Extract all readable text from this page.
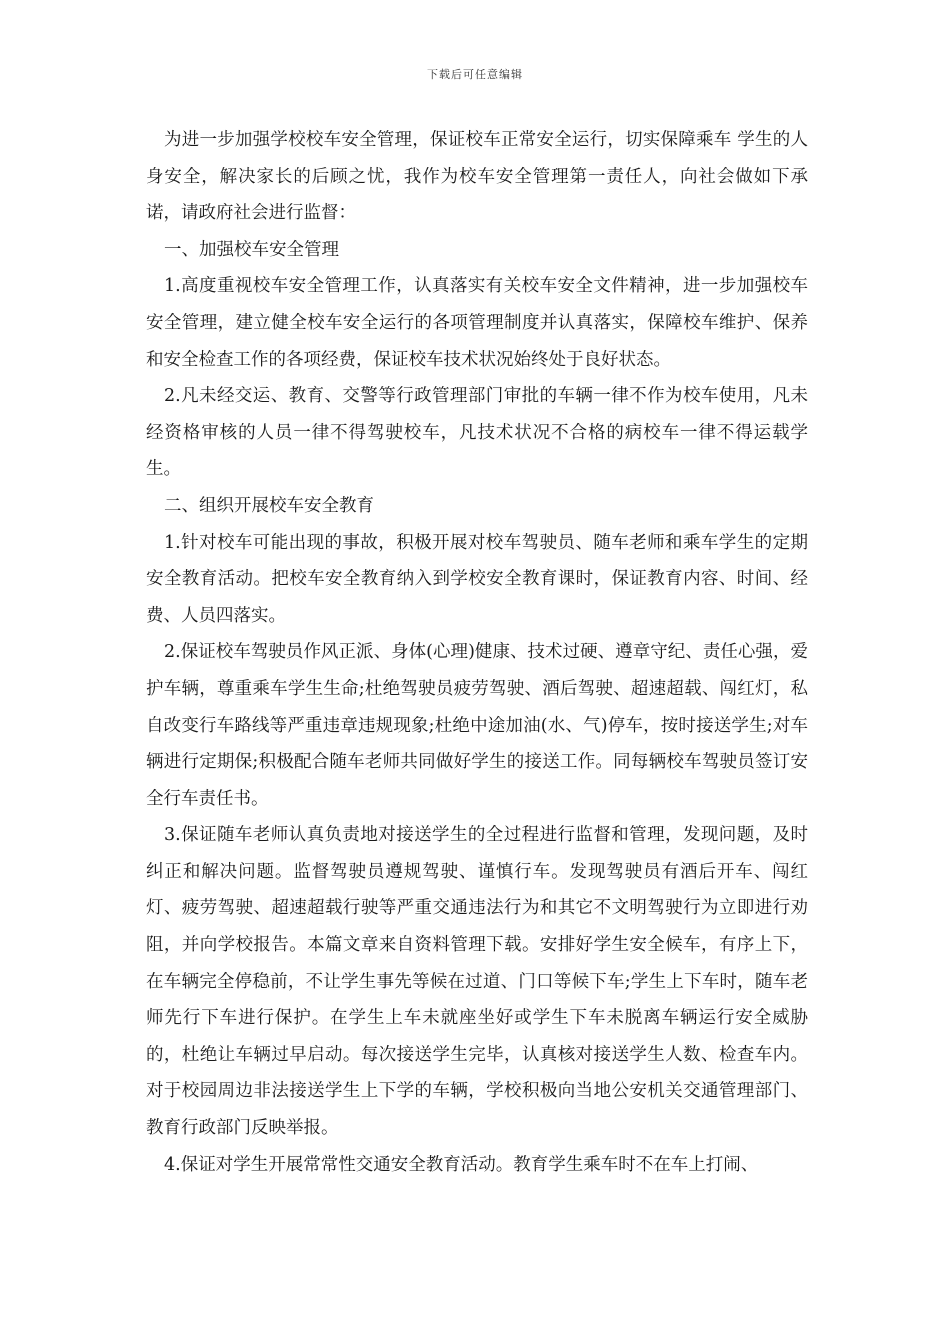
下载后可任意编辑

为进一步加强学校校车安全管理，保证校车正常安全运行，切实保障乘车 学生的人身安全，解决家长的后顾之忧，我作为校车安全管理第一责任人，向社会做如下承诺，请政府社会进行监督：

一、加强校车安全管理

1.高度重视校车安全管理工作，认真落实有关校车安全文件精神，进一步加强校车安全管理，建立健全校车安全运行的各项管理制度并认真落实，保障校车维护、保养和安全检查工作的各项经费，保证校车技术状况始终处于良好状态。

2.凡未经交运、教育、交警等行政管理部门审批的车辆一律不作为校车使用，凡未经资格审核的人员一律不得驾驶校车，凡技术状况不合格的病校车一律不得运载学生。

二、组织开展校车安全教育

1.针对校车可能出现的事故，积极开展对校车驾驶员、随车老师和乘车学生的定期安全教育活动。把校车安全教育纳入到学校安全教育课时，保证教育内容、时间、经费、人员四落实。

2.保证校车驾驶员作风正派、身体(心理)健康、技术过硬、遵章守纪、责任心强，爱护车辆，尊重乘车学生生命;杜绝驾驶员疲劳驾驶、酒后驾驶、超速超载、闯红灯，私自改变行车路线等严重违章违规现象;杜绝中途加油(水、气)停车，按时接送学生;对车辆进行定期保;积极配合随车老师共同做好学生的接送工作。同每辆校车驾驶员签订安全行车责任书。

3.保证随车老师认真负责地对接送学生的全过程进行监督和管理，发现问题，及时纠正和解决问题。监督驾驶员遵规驾驶、谨慎行车。发现驾驶员有酒后开车、闯红灯、疲劳驾驶、超速超载行驶等严重交通违法行为和其它不文明驾驶行为立即进行劝阻，并向学校报告。本篇文章来自资料管理下载。安排好学生安全候车，有序上下，在车辆完全停稳前，不让学生事先等候在过道、门口等候下车;学生上下车时，随车老师先行下车进行保护。在学生上车未就座坐好或学生下车未脱离车辆运行安全威胁的，杜绝让车辆过早启动。每次接送学生完毕，认真核对接送学生人数、检查车内。对于校园周边非法接送学生上下学的车辆，学校积极向当地公安机关交通管理部门、教育行政部门反映举报。

4.保证对学生开展常常性交通安全教育活动。教育学生乘车时不在车上打闹、
